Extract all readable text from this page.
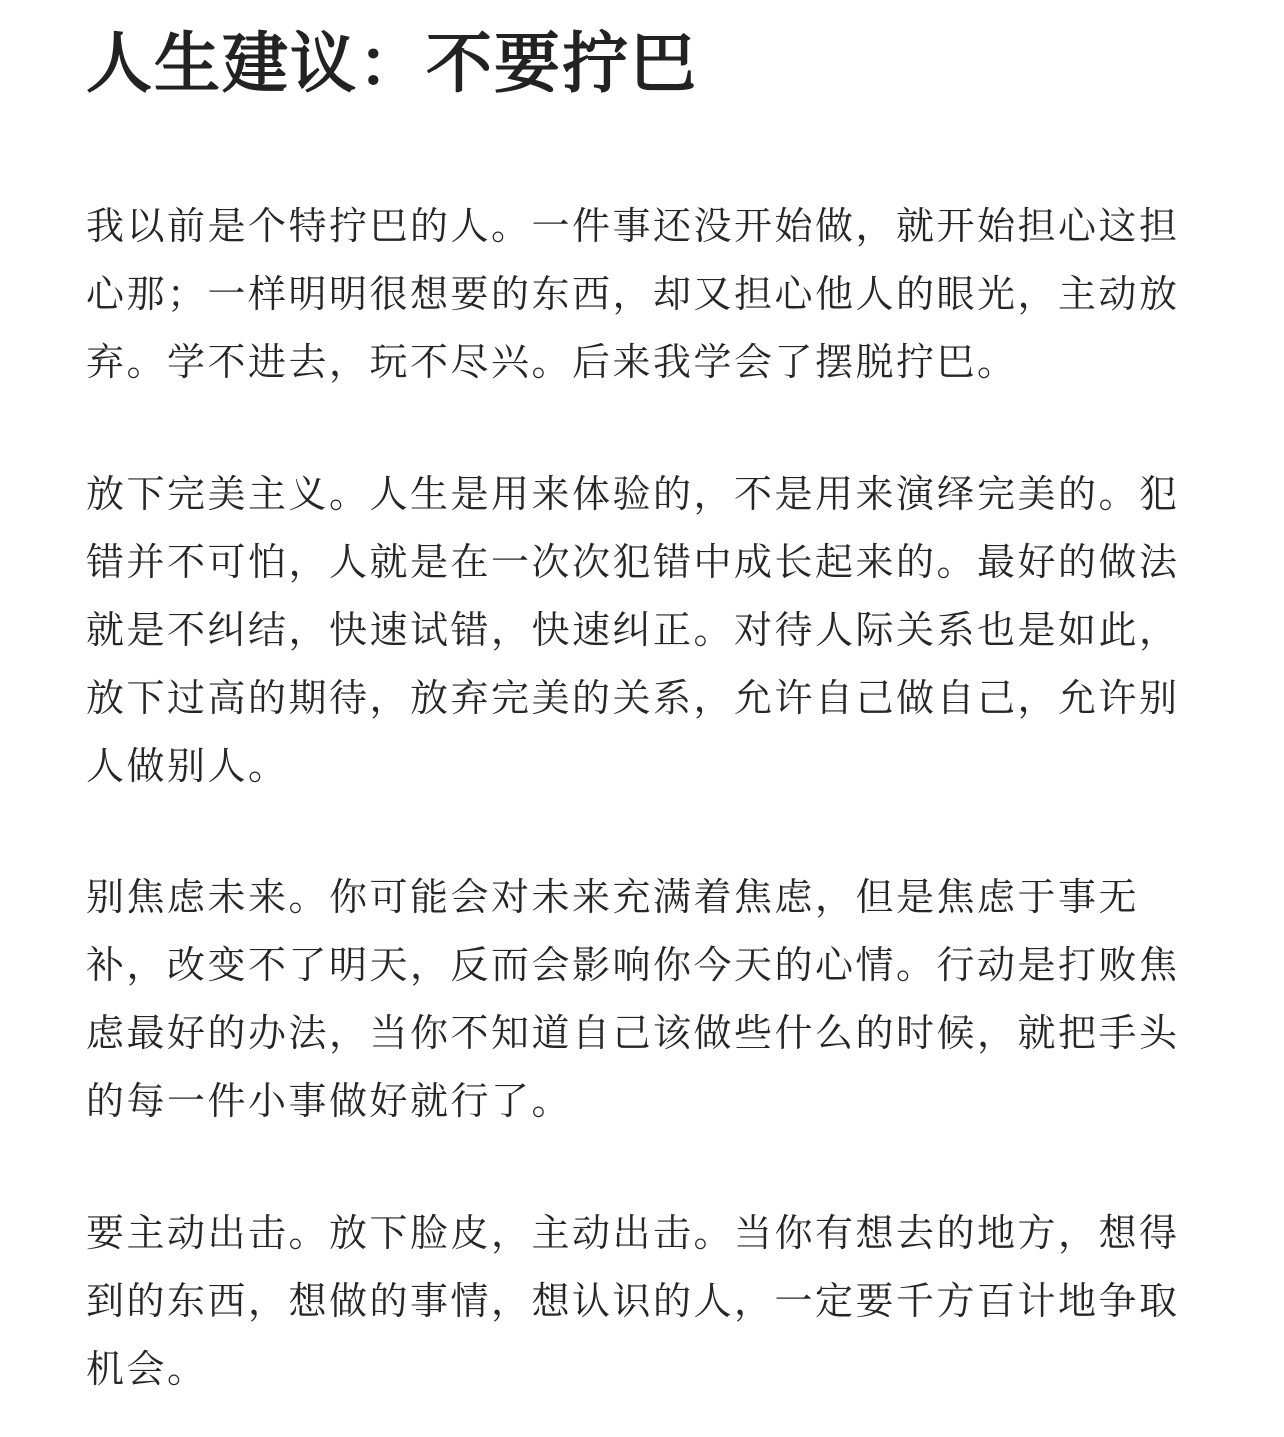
人生建议：不要拧巴

我以前是个特拧巴的人。一件事还没开始做，就开始担心这担
心那；一样明明很想要的东西，却又担心他人的眼光，主动放
弃。学不进去，玩不尽兴。后来我学会了摆脱拧巴。

放下完美主义。人生是用来体验的，不是用来演绎完美的。犯
错并不可怕，人就是在一次次犯错中成长起来的。最好的做法
就是不纠结，快速试错，快速纠正。对待人际关系也是如此，
放下过高的期待，放弃完美的关系，允许自己做自己，允许别
人做别人。

别焦虑未来。你可能会对未来充满着焦虑，但是焦虑于事无
补，改变不了明天，反而会影响你今天的心情。行动是打败焦
虑最好的办法，当你不知道自己该做些什么的时候，就把手头
的每一件小事做好就行了。

要主动出击。放下脸皮，主动出击。当你有想去的地方，想得
到的东西，想做的事情，想认识的人，一定要千方百计地争取
机会。
